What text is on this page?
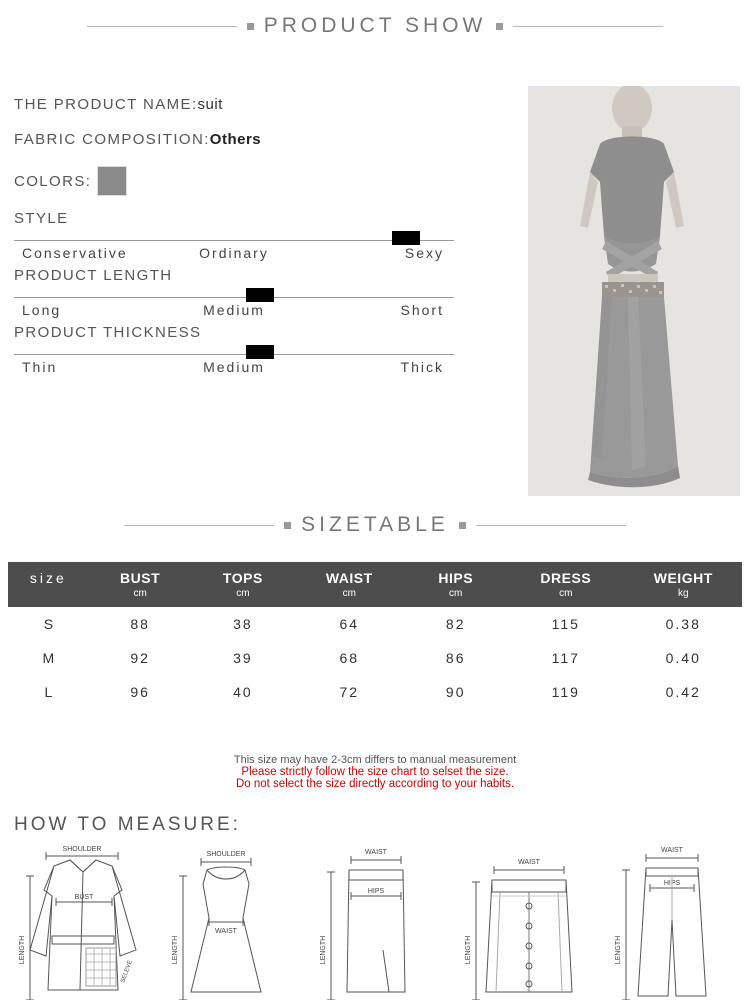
PRODUCT SHOW
THE PRODUCT NAME:suit
FABRIC COMPOSITION:Others
COLORS:
STYLE
Conservative	Ordinary	Sexy
PRODUCT LENGTH
Long	Medium	Short
PRODUCT THICKNESS
Thin	Medium	Thick
SIZETABLE
size	BUST	TOPS	WAIST	HIPS	DRESS	WEIGHT
	cm	cm	cm	cm	cm	kg
S	88	38	64	82	115	0.38
M	92	39	68	86	117	0.40
L	96	40	72	90	119	0.42
This size may have 2-3cm differs to manual measurement
Please strictly follow the size chart to selset the size.
Do not select the size directly according to your habits.
HOW TO MEASURE:
SHOULDER
LENGTH
SELEVE
BUST
SHOULDER
LENGTH
WAIST
WAIST
LENGTH
HIPS
WAIST
LENGTH
WAIST
LENGTH
HIPS
